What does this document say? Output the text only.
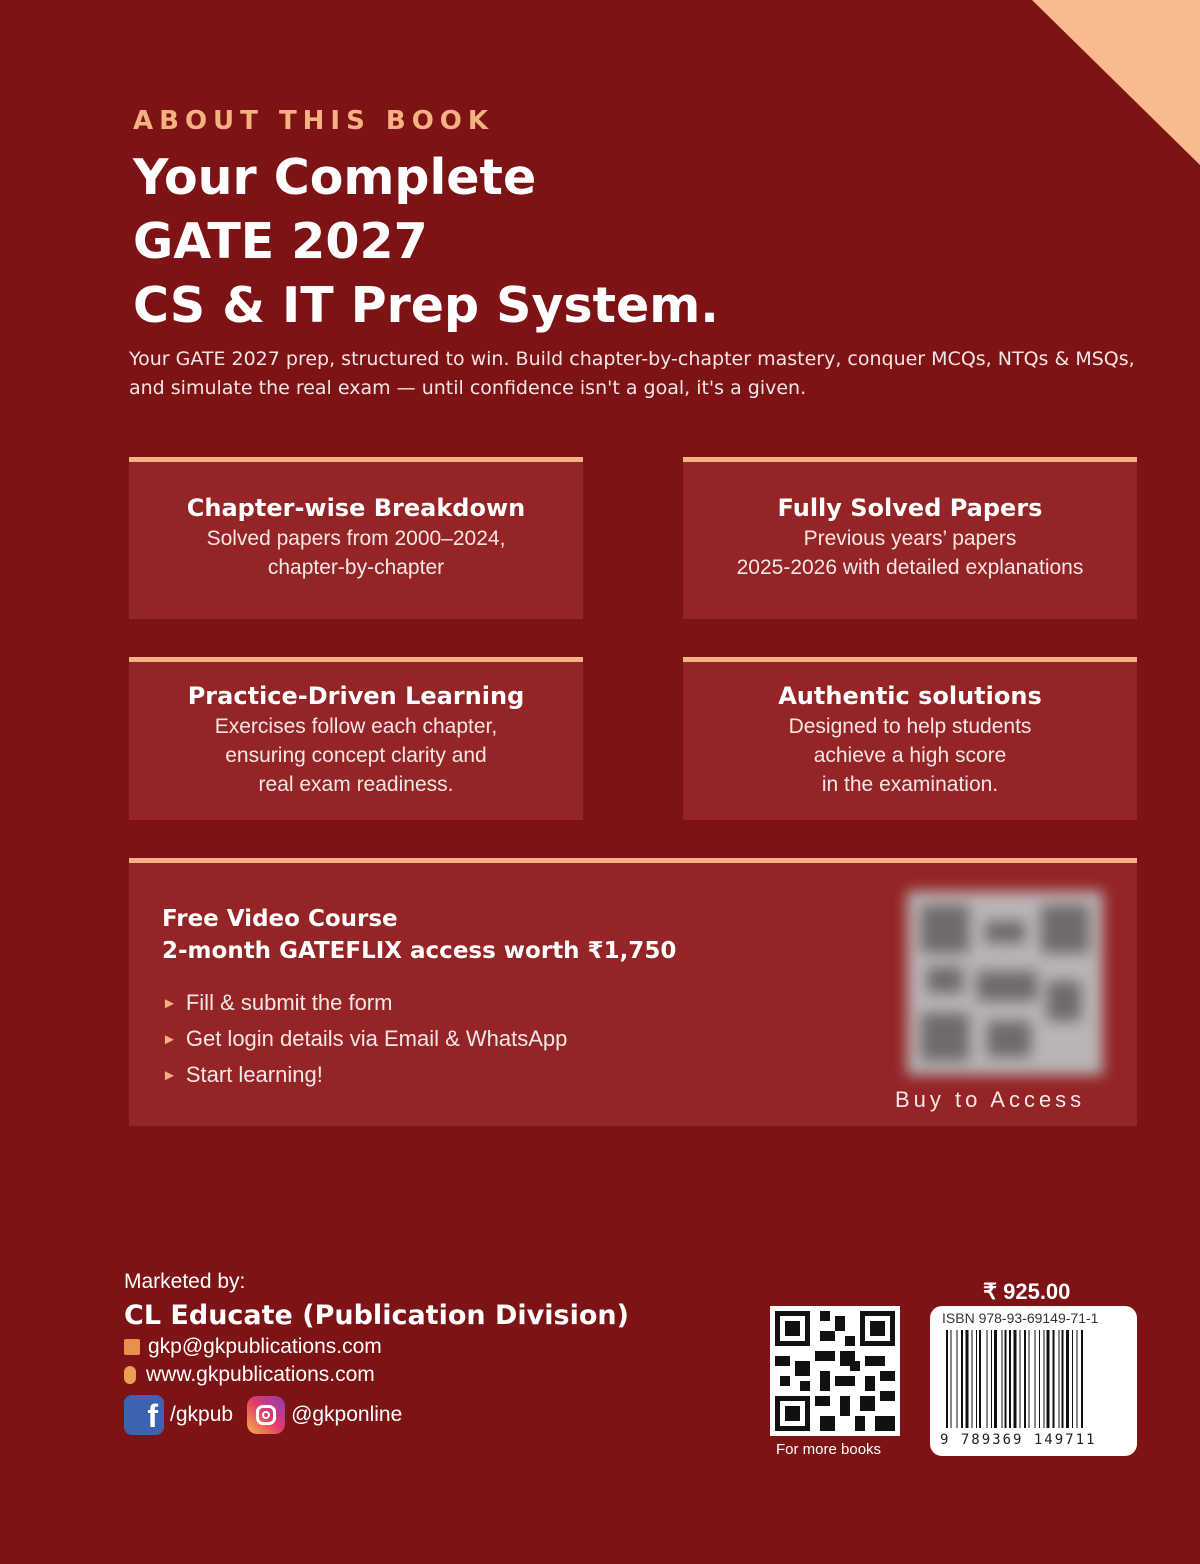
ABOUT THIS BOOK
Your Complete
GATE 2027
CS & IT Prep System.

Your GATE 2027 prep, structured to win. Build chapter-by-chapter mastery, conquer MCQs, NTQs & MSQs, and simulate the real exam — until confidence isn't a goal, it's a given.

Chapter-wise Breakdown
Solved papers from 2000–2024,
chapter-by-chapter
Fully Solved Papers
Previous years’ papers
2025-2026 with detailed explanations
Practice-Driven Learning
Exercises follow each chapter,
ensuring concept clarity and
real exam readiness.
Authentic solutions
Designed to help students
achieve a high score
in the examination.
Free Video Course
2-month GATEFLIX access worth ₹1,750
► Fill & submit the form
► Get login details via Email & WhatsApp
► Start learning!
Buy to Access
Marketed by:
CL Educate (Publication Division)
gkp@gkpublications.com
www.gkpublications.com
f /gkpub	@gkponline
For more books
₹ 925.00
ISBN 978-93-69149-71-1
9 789369 149711
